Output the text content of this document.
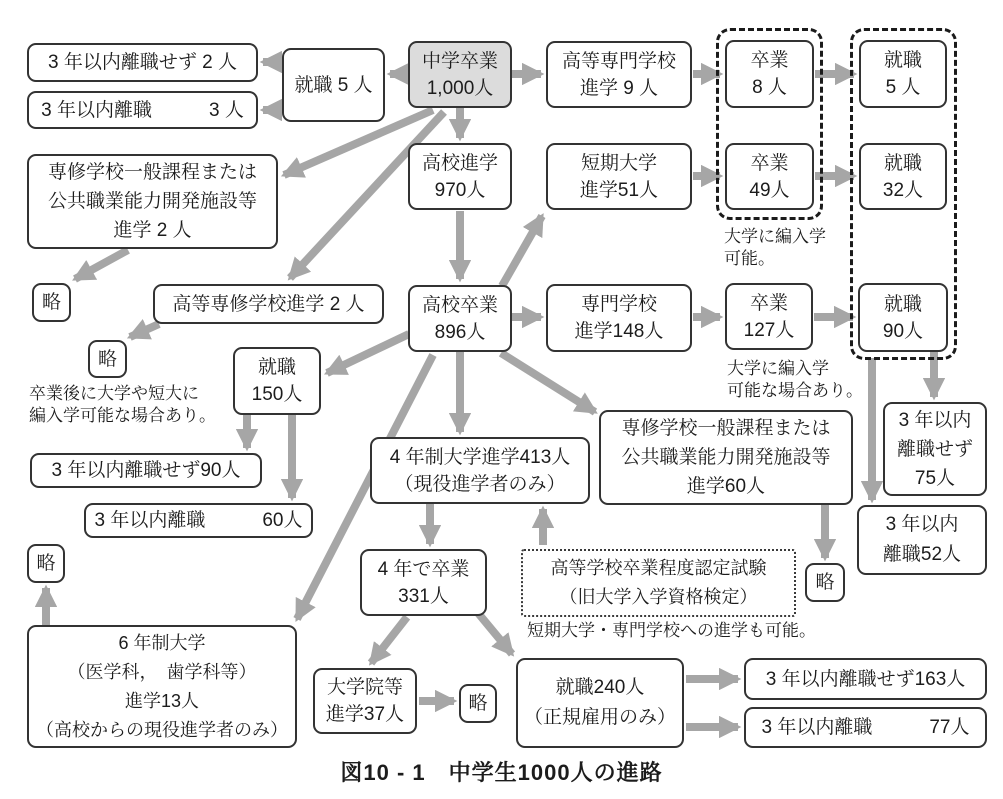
図10 - 1　中学生1000人の進路
中学卒業
1,000人
就職 5 人
3 年以内離職せず 2 人
3 年以内離職　　　3 人
高等専門学校
進学 9 人
卒業
8 人
就職
5 人
高校進学
970人
短期大学
進学51人
卒業
49人
就職
32人
専修学校一般課程または
公共職業能力開発施設等
進学 2 人
略	高等専修学校進学 2 人	高校卒業
896人
専門学校
進学148人
卒業
127人
就職
90人
略	就職
150人
3 年以内離職せず90人
3 年以内離職　　　60人
4 年制大学進学413人
（現役進学者のみ）
専修学校一般課程または
公共職業能力開発施設等
進学60人
3 年以内
離職せず
75人
3 年以内
離職52人
4 年で卒業
331人
高等学校卒業程度認定試験
（旧大学入学資格検定）
略
略
6 年制大学
（医学科，　歯学科等）
進学13人
（高校からの現役進学者のみ）
大学院等
進学37人
略
就職240人
（正規雇用のみ）
3 年以内離職せず163人
3 年以内離職　　　77人
大学に編入学
可能。
大学に編入学
可能な場合あり。
卒業後に大学や短大に
編入学可能な場合あり。
短期大学・専門学校への進学も可能。
